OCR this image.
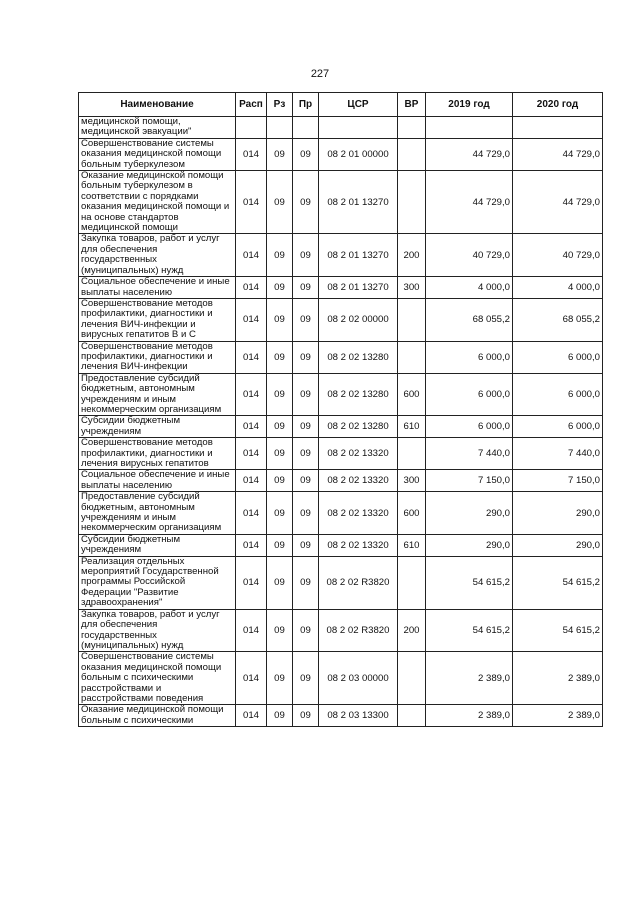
227
Наименование	Расп	Рз	Пр	ЦСР	ВР	2019 год	2020 год
медицинской помощи, медицинской эвакуации"							
Совершенствование системы оказания медицинской помощи больным туберкулезом	014	09	09	08 2 01 00000		44 729,0	44 729,0
Оказание медицинской помощи больным туберкулезом в соответствии с порядками оказания медицинской помощи и на основе стандартов медицинской помощи	014	09	09	08 2 01 13270		44 729,0	44 729,0
Закупка товаров, работ и услуг для обеспечения государственных (муниципальных) нужд	014	09	09	08 2 01 13270	200	40 729,0	40 729,0
Социальное обеспечение и иные выплаты населению	014	09	09	08 2 01 13270	300	4 000,0	4 000,0
Совершенствование методов профилактики, диагностики и лечения ВИЧ-инфекции и вирусных гепатитов В и С	014	09	09	08 2 02 00000		68 055,2	68 055,2
Совершенствование методов профилактики, диагностики и лечения ВИЧ-инфекции	014	09	09	08 2 02 13280		6 000,0	6 000,0
Предоставление субсидий бюджетным, автономным учреждениям и иным некоммерческим организациям	014	09	09	08 2 02 13280	600	6 000,0	6 000,0
Субсидии бюджетным учреждениям	014	09	09	08 2 02 13280	610	6 000,0	6 000,0
Совершенствование методов профилактики, диагностики и лечения вирусных гепатитов	014	09	09	08 2 02 13320		7 440,0	7 440,0
Социальное обеспечение и иные выплаты населению	014	09	09	08 2 02 13320	300	7 150,0	7 150,0
Предоставление субсидий бюджетным, автономным учреждениям и иным некоммерческим организациям	014	09	09	08 2 02 13320	600	290,0	290,0
Субсидии бюджетным учреждениям	014	09	09	08 2 02 13320	610	290,0	290,0
Реализация отдельных мероприятий Государственной программы Российской Федерации "Развитие здравоохранения"	014	09	09	08 2 02 R3820		54 615,2	54 615,2
Закупка товаров, работ и услуг для обеспечения государственных (муниципальных) нужд	014	09	09	08 2 02 R3820	200	54 615,2	54 615,2
Совершенствование системы оказания медицинской помощи больным с психическими расстройствами и расстройствами поведения	014	09	09	08 2 03 00000		2 389,0	2 389,0
Оказание медицинской помощи больным с психическими	014	09	09	08 2 03 13300		2 389,0	2 389,0
